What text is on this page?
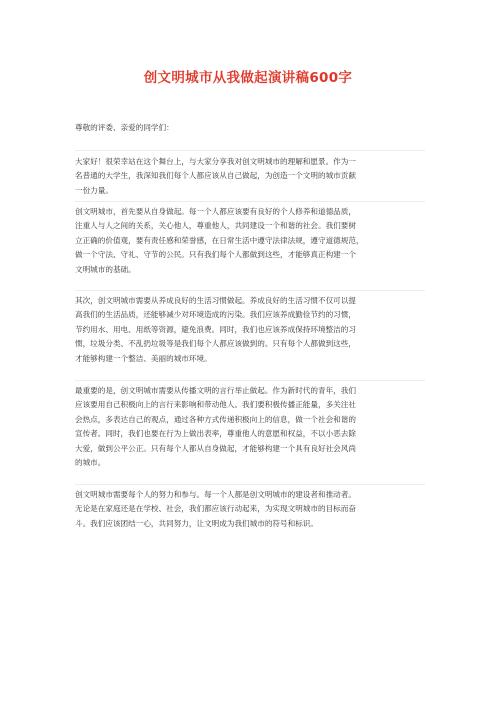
创文明城市从我做起演讲稿600字
尊敬的评委、亲爱的同学们：
大家好！很荣幸站在这个舞台上，与大家分享我对创文明城市的理解和愿景。作为一
名普通的大学生，我深知我们每个人都应该从自己做起，为创造一个文明的城市贡献
一份力量。
创文明城市，首先要从自身做起。每一个人都应该要有良好的个人修养和道德品质，
注重人与人之间的关系，关心他人，尊重他人，共同建设一个和谐的社会。我们要树
立正确的价值观，要有责任感和荣誉感，在日常生活中遵守法律法规，遵守道德规范，
做一个守法、守礼、守节的公民。只有我们每个人都做到这些，才能够真正构建一个
文明城市的基础。
其次，创文明城市需要从养成良好的生活习惯做起。养成良好的生活习惯不仅可以提
高我们的生活品质，还能够减少对环境造成的污染。我们应该养成勤俭节约的习惯，
节约用水、用电、用纸等资源，避免浪费。同时，我们也应该养成保持环境整洁的习
惯，垃圾分类、不乱扔垃圾等是我们每个人都应该做到的。只有每个人都做到这些，
才能够构建一个整洁、美丽的城市环境。
最重要的是，创文明城市需要从传播文明的言行举止做起。作为新时代的青年，我们
应该要用自己积极向上的言行来影响和带动他人。我们要积极传播正能量，多关注社
会热点，多表达自己的观点，通过各种方式传递积极向上的信息，做一个社会和谐的
宣传者。同时，我们也要在行为上做出表率，尊重他人的意愿和权益，不以小恶去除
大爱，做到公平公正。只有每个人都从自身做起，才能够构建一个具有良好社会风尚
的城市。
创文明城市需要每个人的努力和参与。每一个人都是创文明城市的建设者和推动者。
无论是在家庭还是在学校、社会，我们都应该行动起来，为实现文明城市的目标而奋
斗。我们应该团结一心，共同努力，让文明成为我们城市的符号和标识。
